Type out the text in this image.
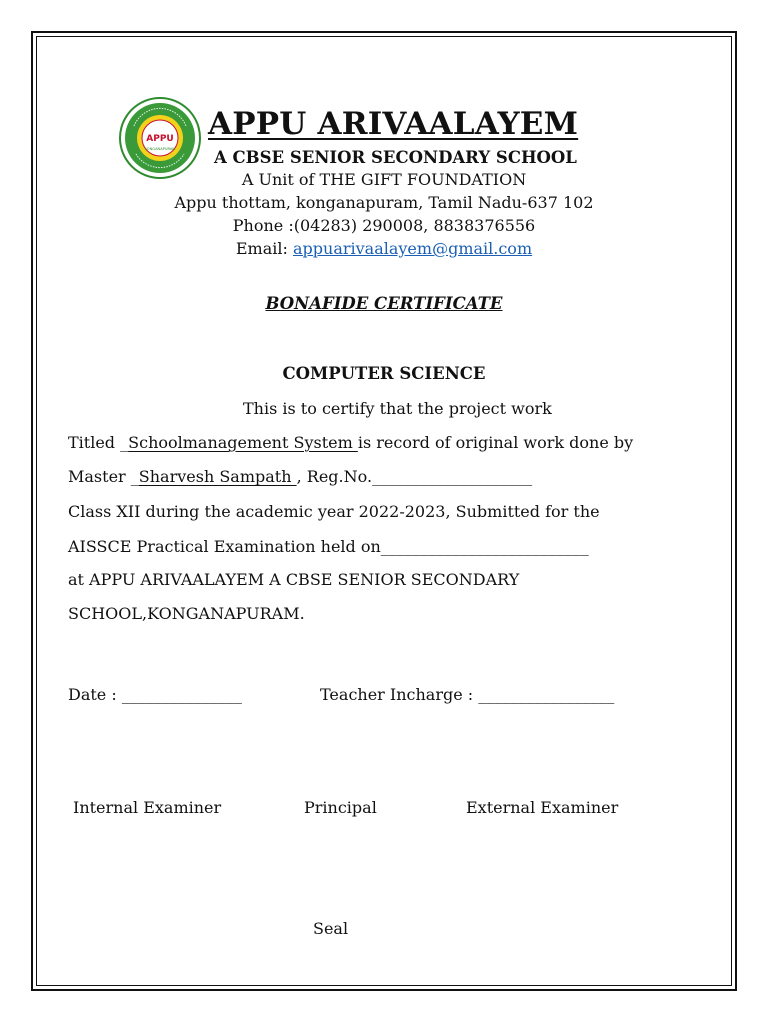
APPU
KONGANAPURAM
APPU ARIVAALAYEM
A CBSE SENIOR SECONDARY SCHOOL
A Unit of THE GIFT FOUNDATION
Appu thottam, konganapuram, Tamil Nadu-637 102
Phone :(04283) 290008, 8838376556
Email: appuarivaalayem@gmail.com
BONAFIDE CERTIFICATE
COMPUTER SCIENCE
This is to certify that the project work
Titled _Schoolmanagement System is record of original work done by
Master _Sharvesh Sampath , Reg.No.____________________
Class XII during the academic year 2022-2023, Submitted for the
AISSCE Practical Examination held on__________________________
at APPU ARIVAALAYEM A CBSE SENIOR SECONDARY
SCHOOL,KONGANAPURAM.
Date : _______________	Teacher Incharge : _________________
Internal Examiner	Principal	External Examiner
Seal
